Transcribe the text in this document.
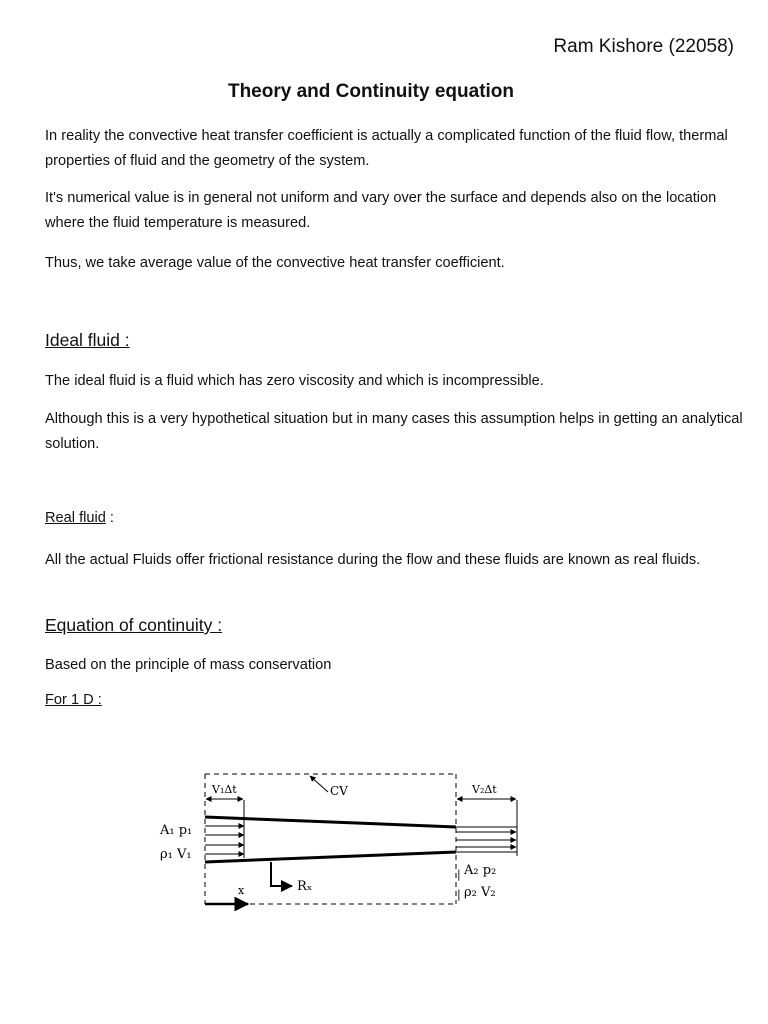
Ram Kishore (22058)
Theory and Continuity equation
In reality the convective heat transfer coefficient is actually a complicated function of the fluid flow, thermal properties of fluid and the geometry of the system.
It's numerical value is in general not uniform and vary over the surface and depends also on the location where the fluid temperature is measured.
Thus, we take average value of the convective heat transfer coefficient.
Ideal fluid :
The ideal fluid is a fluid which has zero viscosity and which is incompressible.
Although this is a very hypothetical situation but in many cases this assumption helps in getting an analytical solution.
Real fluid :
All the actual Fluids offer frictional resistance during the flow and these fluids are known as real fluids.
Equation of continuity :
Based on the principle of mass conservation
For 1 D :
V₁Δt	V₂Δt
CV
A₁ p₁
ρ₁ V₁
A₂ p₂
ρ₂ V₂
x	Rₓ
|
|
